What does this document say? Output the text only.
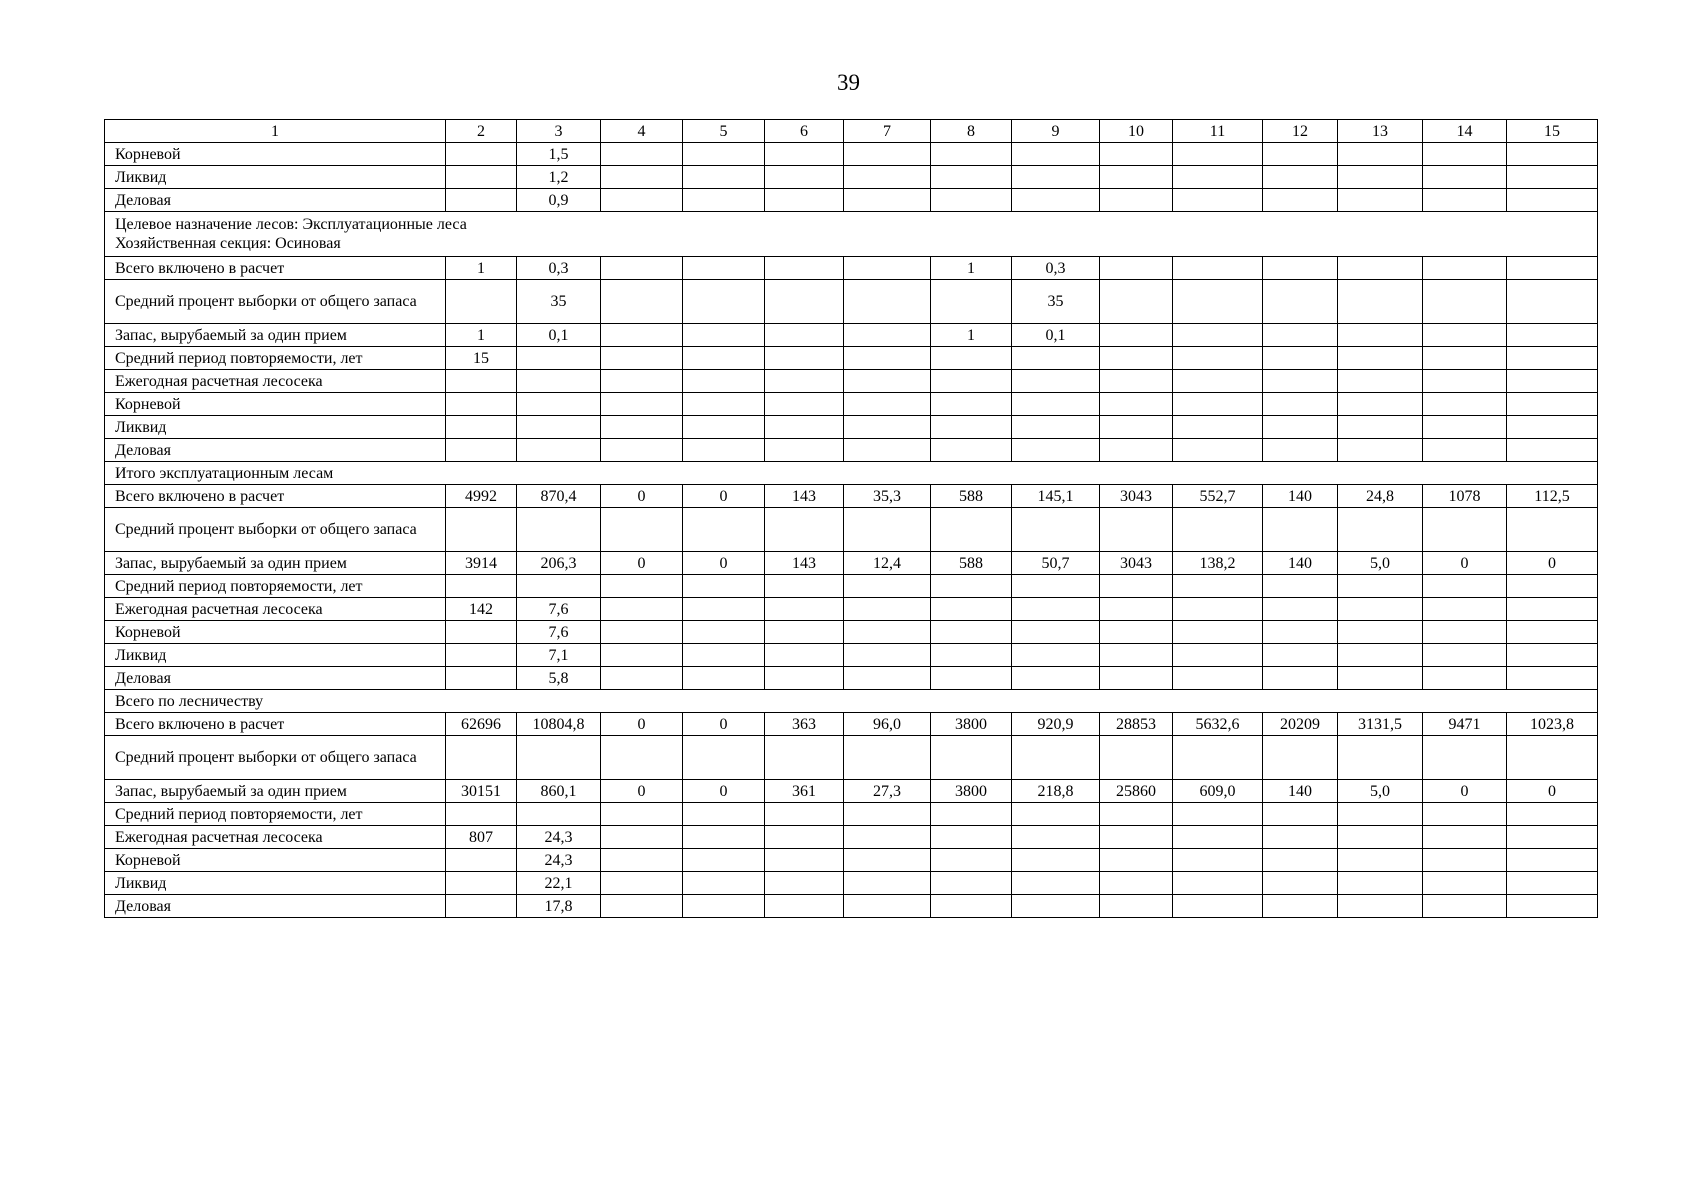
39
1	2	3	4	5	6	7	8	9	10	11	12	13	14	15
Корневой		1,5												
Ликвид		1,2												
Деловая		0,9												

Целевое назначение лесов: Эксплуатационные леса
Хозяйственная секция: Осиновая														

Всего включено в расчет	1	0,3					1	0,3						
Средний процент выборки от общего запаса		35						35						
Запас, вырубаемый за один прием	1	0,1					1	0,1						
Средний период повторяемости, лет	15													
Ежегодная расчетная лесосека														
Корневой														
Ликвид														
Деловая														

Итого эксплуатационным лесам														

Всего включено в расчет	4992	870,4	0	0	143	35,3	588	145,1	3043	552,7	140	24,8	1078	112,5
Средний процент выборки от общего запаса														
Запас, вырубаемый за один прием	3914	206,3	0	0	143	12,4	588	50,7	3043	138,2	140	5,0	0	0
Средний период повторяемости, лет														
Ежегодная расчетная лесосека	142	7,6												
Корневой		7,6												
Ликвид		7,1												
Деловая		5,8												

Всего по лесничеству														

Всего включено в расчет	62696	10804,8	0	0	363	96,0	3800	920,9	28853	5632,6	20209	3131,5	9471	1023,8
Средний процент выборки от общего запаса														
Запас, вырубаемый за один прием	30151	860,1	0	0	361	27,3	3800	218,8	25860	609,0	140	5,0	0	0
Средний период повторяемости, лет														
Ежегодная расчетная лесосека	807	24,3												
Корневой		24,3												
Ликвид		22,1												
Деловая		17,8												
